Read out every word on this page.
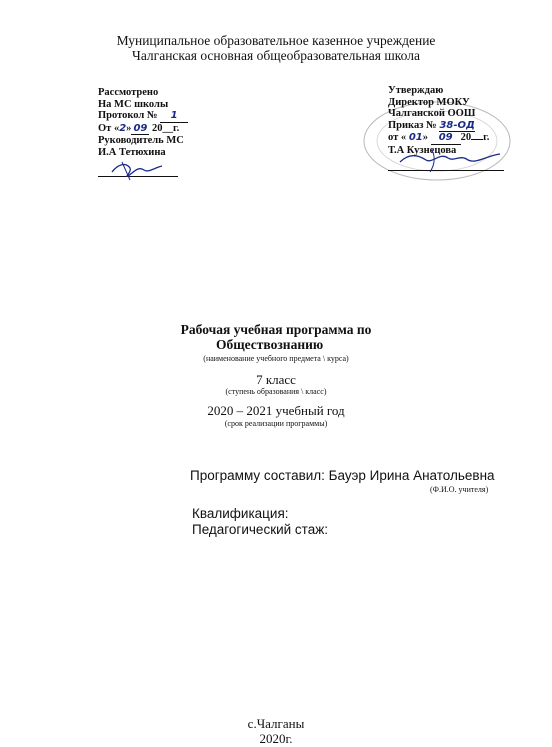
Муниципальное образовательное казенное учреждение
Чалганская основная общеобразовательная школа
Рассмотрено
На МС школы
Протокол № 1
От «2» 09 20__г.
Руководитель МС
И.А Тетюхина
Утверждаю
Директор МОКУ
Чалганской ООШ
Приказ № 38-ОД
от « 01» 09 20 г.
Т.А Кузнецова
Рабочая учебная программа по
Обществознанию
(наименование учебного предмета \ курса)
7 класс
(ступень образования \ класс)
2020 – 2021 учебный год
(срок реализации программы)
Программу составил: Бауэр Ирина Анатольевна
(Ф.И.О. учителя)
Квалификация:
Педагогический стаж:
с.Чалганы
2020г.
